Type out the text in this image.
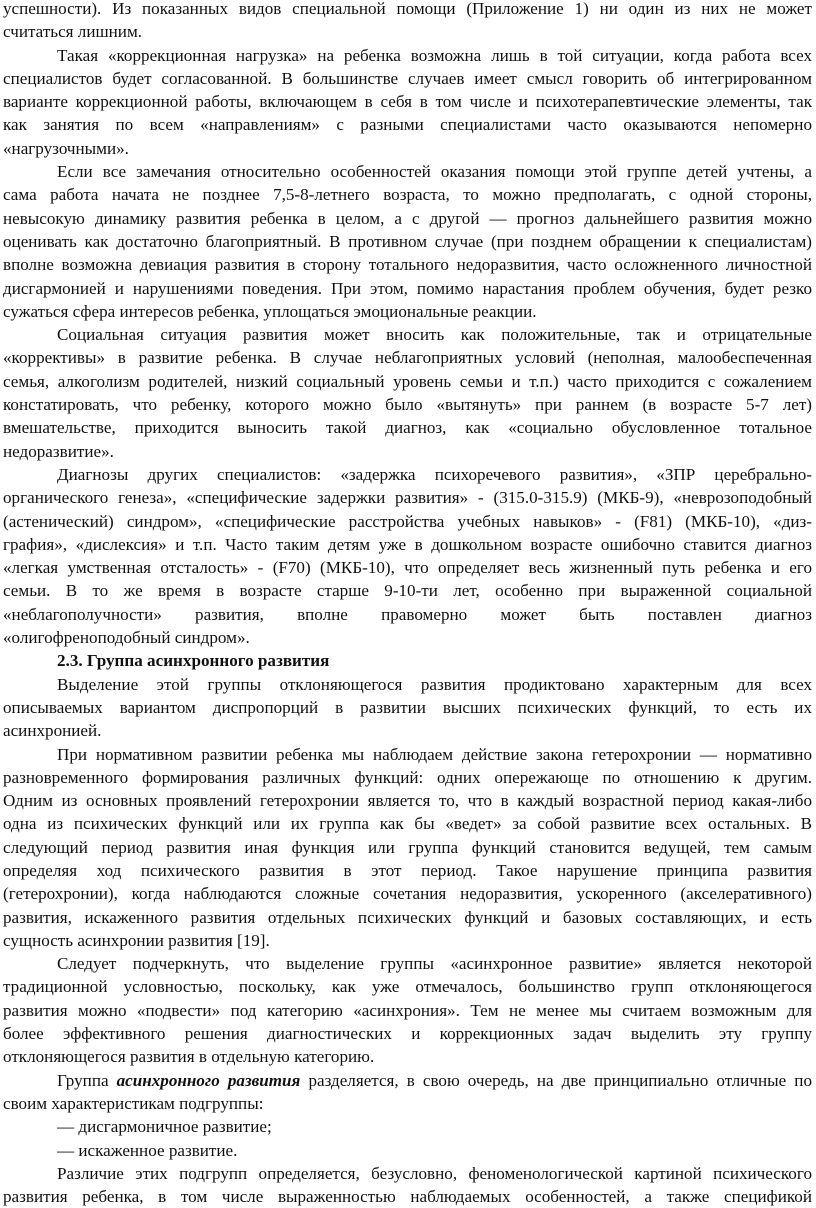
успешности). Из показанных видов специальной помощи (Приложение 1) ни один из них не может
считаться лишним.
Такая «коррекционная нагрузка» на ребенка возможна лишь в той ситуации, когда работа всех
специалистов будет согласованной. В большинстве случаев имеет смысл говорить об интегрированном
варианте коррекционной работы, включающем в себя в том числе и психотерапевтические элементы, так
как занятия по всем «направлениям» с разными специалистами часто оказываются непомерно
«нагрузочными».
Если все замечания относительно особенностей оказания помощи этой группе детей учтены, а
сама работа начата не позднее 7,5-8-летнего возраста, то можно предполагать, с одной стороны,
невысокую динамику развития ребенка в целом, а с другой — прогноз дальнейшего развития можно
оценивать как достаточно благоприятный. В противном случае (при позднем обращении к специалистам)
вполне возможна девиация развития в сторону тотального недоразвития, часто осложненного личностной
дисгармонией и нарушениями поведения. При этом, помимо нарастания проблем обучения, будет резко
сужаться сфера интересов ребенка, уплощаться эмоциональные реакции.
Социальная ситуация развития может вносить как положительные, так и отрицательные
«коррективы» в развитие ребенка. В случае неблагоприятных условий (неполная, малообеспеченная
семья, алкоголизм родителей, низкий социальный уровень семьи и т.п.) часто приходится с сожалением
констатировать, что ребенку, которого можно было «вытянуть» при раннем (в возрасте 5-7 лет)
вмешательстве, приходится выносить такой диагноз, как «социально обусловленное тотальное
недоразвитие».
Диагнозы других специалистов: «задержка психоречевого развития», «ЗПР церебрально-
органического генеза», «специфические задержки развития» - (315.0-315.9) (МКБ-9), «неврозоподобный
(астенический) синдром», «специфические расстройства учебных навыков» - (F81) (МКБ-10), «диз-
графия», «дислексия» и т.п. Часто таким детям уже в дошкольном возрасте ошибочно ставится диагноз
«легкая умственная отсталость» - (F70) (МКБ-10), что определяет весь жизненный путь ребенка и его
семьи. В то же время в возрасте старше 9-10-ти лет, особенно при выраженной социальной
«неблагополучности» развития, вполне правомерно может быть поставлен диагноз
«олигофреноподобный синдром».
2.3. Группа асинхронного развития
Выделение этой группы отклоняющегося развития продиктовано характерным для всех
описываемых вариантом диспропорций в развитии высших психических функций, то есть их
асинхронией.
При нормативном развитии ребенка мы наблюдаем действие закона гетерохронии — нормативно
разновременного формирования различных функций: одних опережающе по отношению к другим.
Одним из основных проявлений гетерохронии является то, что в каждый возрастной период какая-либо
одна из психических функций или их группа как бы «ведет» за собой развитие всех остальных. В
следующий период развития иная функция или группа функций становится ведущей, тем самым
определяя ход психического развития в этот период. Такое нарушение принципа развития
(гетерохронии), когда наблюдаются сложные сочетания недоразвития, ускоренного (акселеративного)
развития, искаженного развития отдельных психических функций и базовых составляющих, и есть
сущность асинхронии развития [19].
Следует подчеркнуть, что выделение группы «асинхронное развитие» является некоторой
традиционной условностью, поскольку, как уже отмечалось, большинство групп отклоняющегося
развития можно «подвести» под категорию «асинхрония». Тем не менее мы считаем возможным для
более эффективного решения диагностических и коррекционных задач выделить эту группу
отклоняющегося развития в отдельную категорию.
Группа асинхронного развития разделяется, в свою очередь, на две принципиально отличные по
своим характеристикам подгруппы:
— дисгармоничное развитие;
— искаженное развитие.
Различие этих подгрупп определяется, безусловно, феноменологической картиной психического
развития ребенка, в том числе выраженностью наблюдаемых особенностей, а также спецификой
